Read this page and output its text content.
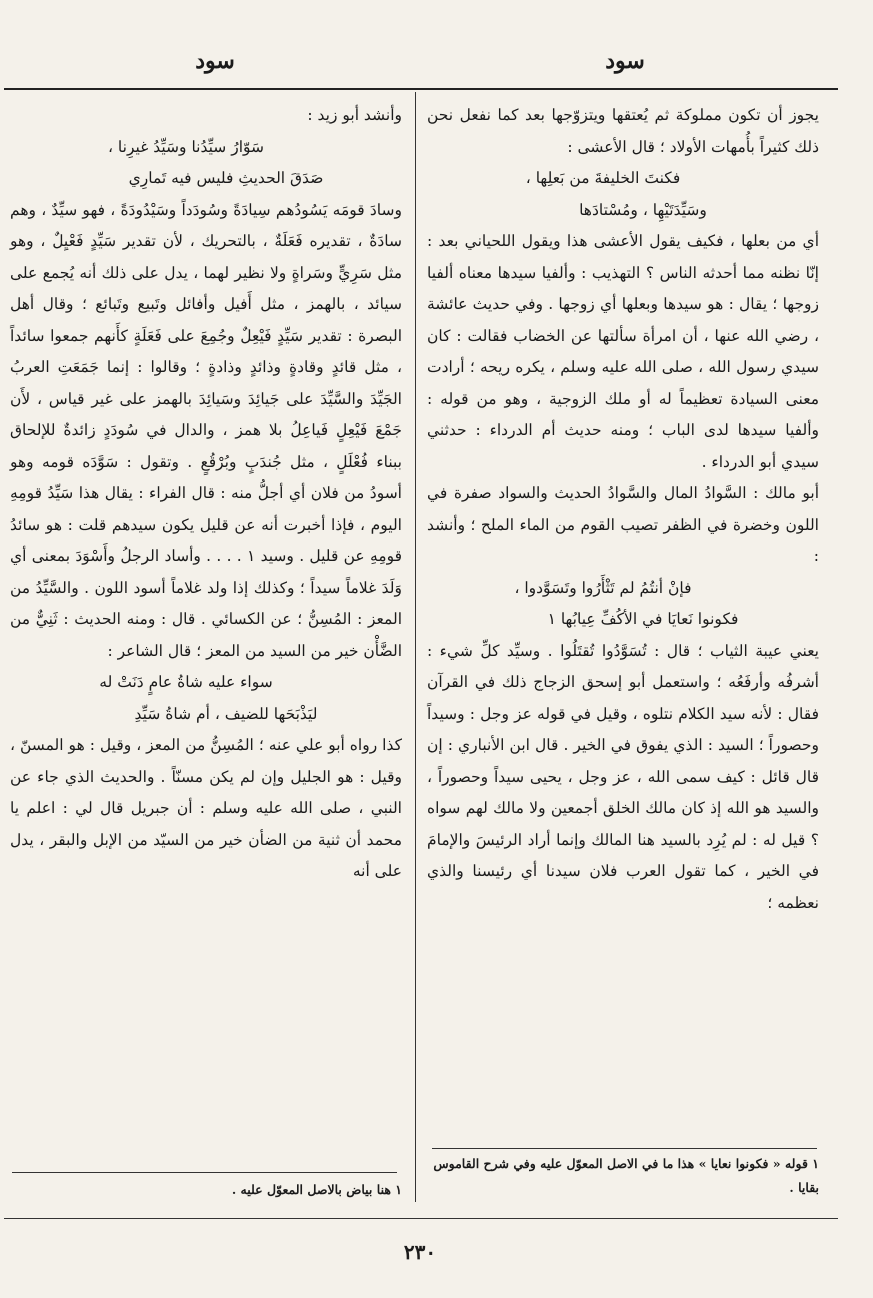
سود
سود

يجوز أن تكون مملوكة ثم يُعتقها ويتزوّجها بعد كما نفعل نحن ذلك كثيراً بأُمهات الأولاد ؛ قال الأعشى :

فكنتَ الخليفةَ من بَعلِها ،

وسَيِّدَتَيْهِا ، ومُسْتادَها

أي من بعلها ، فكيف يقول الأعشى هذا ويقول اللحياني بعد : إنّا نظنه مما أحدثه الناس ؟ التهذيب : وألفيا سيدها معناه ألفيا زوجها ؛ يقال : هو سيدها وبعلها أي زوجها . وفي حديث عائشة ، رضي الله عنها ، أن امرأة سألتها عن الخضاب فقالت : كان سيدي رسول الله ، صلى الله عليه وسلم ، يكره ريحه ؛ أرادت معنى السيادة تعظيماً له أو ملك الزوجية ، وهو من قوله : وألفيا سيدها لدى الباب ؛ ومنه حديث أم الدرداء : حدثني سيدي أبو الدرداء .

أبو مالك : السَّوادُ المال والسَّوادُ الحديث والسواد صفرة في اللون وخضرة في الظفر تصيب القوم من الماء الملح ؛ وأنشد :

فإنْ أنتُمُ لم تَثْأَرُوا وتَسَوَّدوا ،

فكونوا نَعايَا في الأكُفِّ عِيابُها ١

يعني عيبة الثياب ؛ قال : تُسَوَّدُوا تُقتَلُوا . وسيِّد كلِّ شيء : أشرفُه وأرفَعُه ؛ واستعمل أبو إسحق الزجاج ذلك في القرآن فقال : لأنه سيد الكلام نتلوه ، وقيل في قوله عز وجل : وسيداً وحصوراً ؛ السيد : الذي يفوق في الخير . قال ابن الأنباري : إن قال قائل : كيف سمى الله ، عز وجل ، يحيى سيداً وحصوراً ، والسيد هو الله إذ كان مالك الخلق أجمعين ولا مالك لهم سواه ؟ قيل له : لم يُرِد بالسيد هنا المالك وإنما أراد الرئيسَ والإمامَ في الخير ، كما تقول العرب فلان سيدنا أي رئيسنا والذي نعظمه ؛

وأنشد أبو زيد :

سَوّارُ سيِّدُنا وسَيِّدُ غيرِنا ،

صَدَقَ الحديثِ فليس فيه تَمارِي

وسادَ قومَه يَسُودُهم سِيادَةً وسُودَداً وسَيْدُودَةً ، فهو سيِّدٌ ، وهم سادَةٌ ، تقديره فَعَلَةٌ ، بالتحريك ، لأن تقدير سَيِّدٍ فَعْيِلٌ ، وهو مثل سَرِيٍّ وسَراةٍ ولا نظير لهما ، يدل على ذلك أنه يُجمع على سيائد ، بالهمز ، مثل أَفيل وأفائل وتَبيع وتَبائع ؛ وقال أهل البصرة : تقدير سَيِّدٍ فَيْعِلٌ وجُمِعَ على فَعَلَةٍ كأَنهم جمعوا سائداً ، مثل قائدٍ وقادةٍ وذائدٍ وذادةٍ ؛ وقالوا : إنما جَمَعَتِ العربُ الجَيِّدَ والسَّيِّدَ على جَيائِدَ وسَيائِدَ بالهمز على غير قياس ، لأَن جَمْعَ فَيْعِلٍ فَياعِلُ بلا همز ، والدال في سُودَدٍ زائدةٌ للإلحاق ببناء فُعْلَلٍ ، مثل جُندَبٍ وبُرْقُعٍ . وتقول : سَوَّدَه قومه وهو أسودُ من فلان أي أجلُّ منه : قال الفراء : يقال هذا سَيِّدُ قومِهِ اليوم ، فإذا أخبرت أنه عن قليل يكون سيدهم قلت : هو سائدُ قومِهِ عن قليل . وسيد ١ . . . . وأساد الرجلُ وأَسْوَدَ بمعنى أي وَلَدَ غلاماً سيداً ؛ وكذلك إذا ولد غلاماً أسود اللون . والسَّيِّدُ من المعز : المُسِنُّ ؛ عن الكسائي . قال : ومنه الحديث : ثَنِيٌّ من الضَّأْن خير من السيد من المعز ؛ قال الشاعر :

سواء عليه شاةُ عامٍ دَنَتْ له

ليَذْبَحَها للضيف ، أم شاةُ سَيِّدِ

كذا رواه أبو علي عنه ؛ المُسِنُّ من المعز ، وقيل : هو المسنّ ، وقيل : هو الجليل وإن لم يكن مسنّاً . والحديث الذي جاء عن النبي ، صلى الله عليه وسلم : أن جبريل قال لي : اعلم يا محمد أن ثنية من الضأن خير من السيّد من الإبل والبقر ، يدل على أنه

١ قوله « فكونوا نعايا » هذا ما في الاصل المعوّل عليه وفي شرح القاموس بقايا .
١ هنا بياض بالاصل المعوّل عليه .
٢٣٠
